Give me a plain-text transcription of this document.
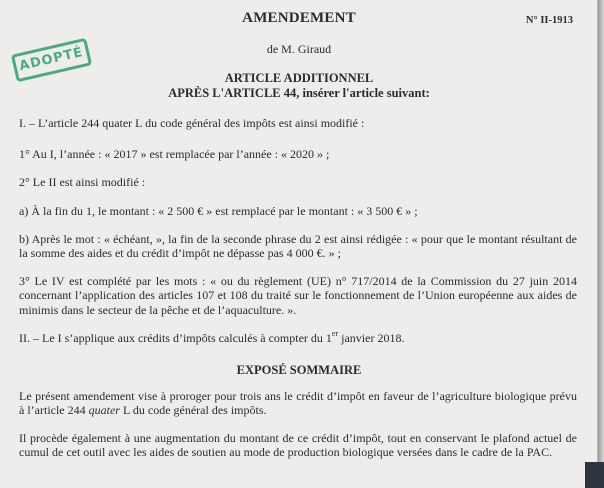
AMENDEMENT	N° II-1913
de M. Giraud
ADOPTÉ
ARTICLE ADDITIONNEL
APRÈS L'ARTICLE 44, insérer l'article suivant:
I. – L’article 244 quater L du code général des impôts est ainsi modifié :
1° Au I, l’année : « 2017 » est remplacée par l’année : « 2020 » ;
2° Le II est ainsi modifié :
a) À la fin du 1, le montant : « 2 500 € » est remplacé par le montant : « 3 500 € » ;
b) Après le mot : « échéant, », la fin de la seconde phrase du 2 est ainsi rédigée : « pour que le montant résultant de la somme des aides et du crédit d’impôt ne dépasse pas 4 000 €. » ;
3° Le IV est complété par les mots : « ou du règlement (UE) n° 717/2014 de la Commission du 27 juin 2014 concernant l’application des articles 107 et 108 du traité sur le fonctionnement de l’Union européenne aux aides de minimis dans le secteur de la pêche et de l’aquaculture. ».
II. – Le I s’applique aux crédits d’impôts calculés à compter du 1er janvier 2018.
EXPOSÉ SOMMAIRE
Le présent amendement vise à proroger pour trois ans le crédit d’impôt en faveur de l’agriculture biologique prévu à l’article 244 quater L du code général des impôts.
Il procède également à une augmentation du montant de ce crédit d’impôt, tout en conservant le plafond actuel de cumul de cet outil avec les aides de soutien au mode de production biologique versées dans le cadre de la PAC.
